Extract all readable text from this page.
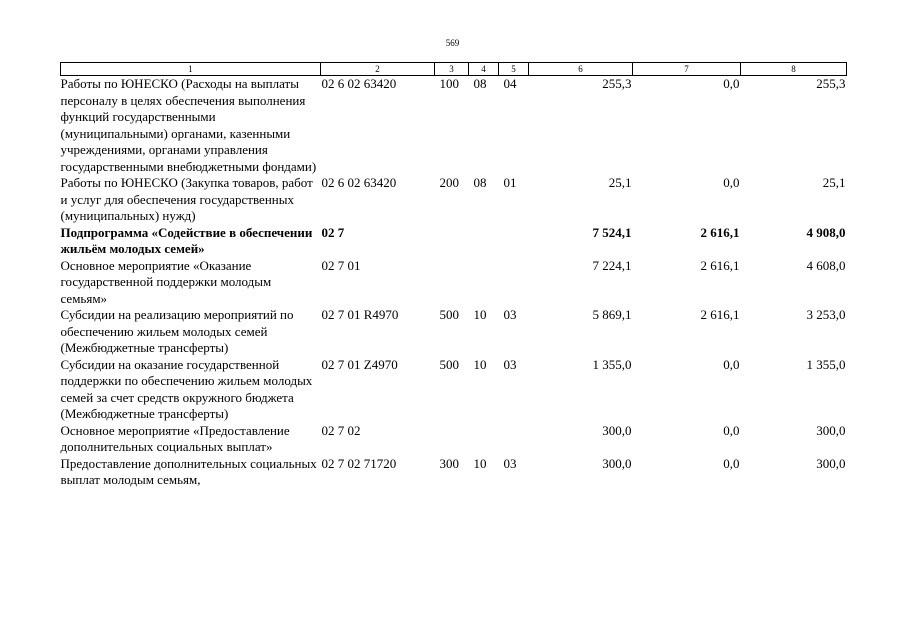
569
1	2	3	4	5	6	7	8
Работы по ЮНЕСКО (Расходы на выплаты персоналу в целях обеспечения выполнения функций государственными (муниципальными) органами, казенными учреждениями, органами управления государственными внебюджетными фондами)	02 6 02 63420	100	08	04	255,3	0,0	255,3
Работы по ЮНЕСКО (Закупка товаров, работ и услуг для обеспечения государственных (муниципальных) нужд)	02 6 02 63420	200	08	01	25,1	0,0	25,1
Подпрограмма «Содействие в обеспечении жильём молодых семей»	02 7				7 524,1	2 616,1	4 908,0
Основное мероприятие «Оказание государственной поддержки молодым семьям»	02 7 01				7 224,1	2 616,1	4 608,0
Субсидии на реализацию мероприятий по обеспечению жильем молодых семей (Межбюджетные трансферты)	02 7 01 R4970	500	10	03	5 869,1	2 616,1	3 253,0
Субсидии на оказание государственной поддержки по обеспечению жильем молодых семей за счет средств окружного бюджета (Межбюджетные трансферты)	02 7 01 Z4970	500	10	03	1 355,0	0,0	1 355,0
Основное мероприятие «Предоставление дополнительных социальных выплат»	02 7 02				300,0	0,0	300,0
Предоставление дополнительных социальных выплат молодым семьям,	02 7 02 71720	300	10	03	300,0	0,0	300,0
